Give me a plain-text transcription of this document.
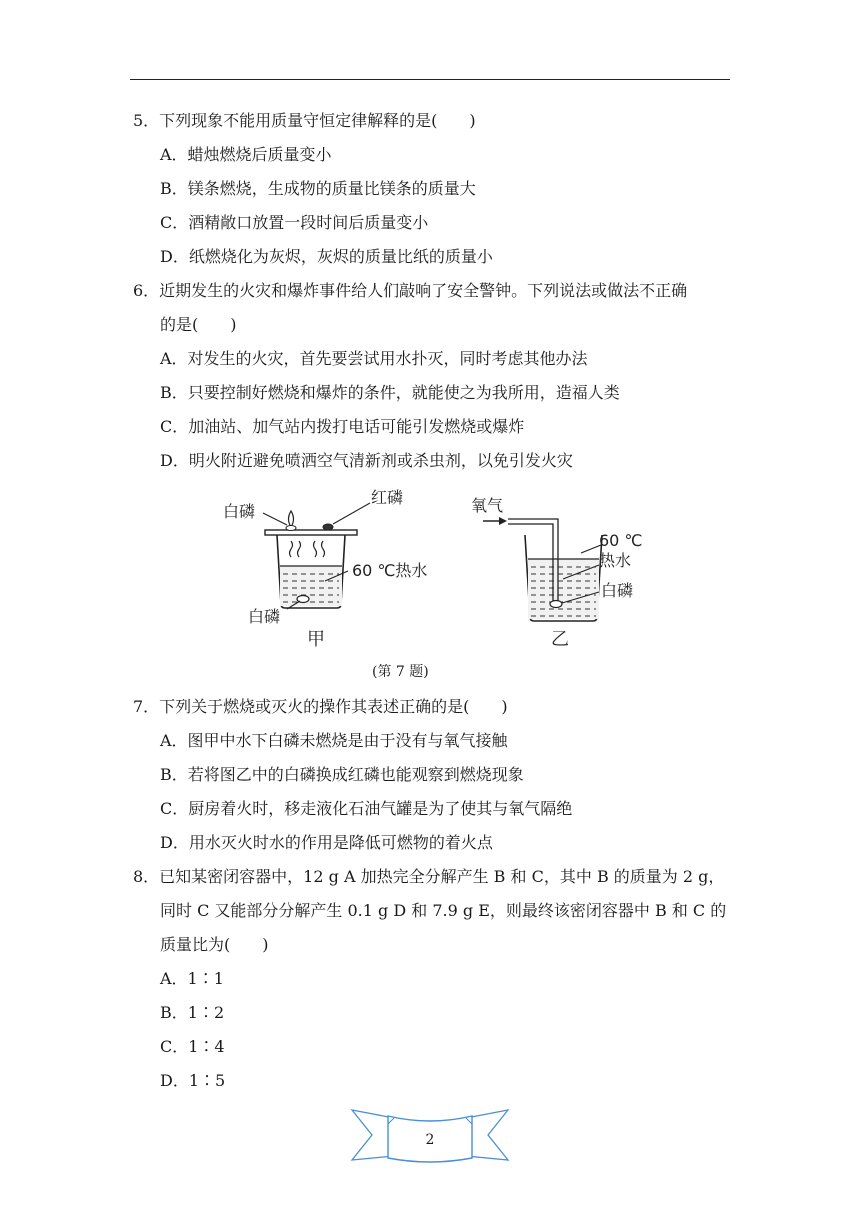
5．下列现象不能用质量守恒定律解释的是(　　)
A．蜡烛燃烧后质量变小
B．镁条燃烧，生成物的质量比镁条的质量大
C．酒精敞口放置一段时间后质量变小
D．纸燃烧化为灰烬，灰烬的质量比纸的质量小
6．近期发生的火灾和爆炸事件给人们敲响了安全警钟。下列说法或做法不正确
的是(　　)
A．对发生的火灾，首先要尝试用水扑灭，同时考虑其他办法
B．只要控制好燃烧和爆炸的条件，就能使之为我所用，造福人类
C．加油站、加气站内拨打电话可能引发燃烧或爆炸
D．明火附近避免喷洒空气清新剂或杀虫剂，以免引发火灾
白磷
红磷
60 ℃热水
白磷
甲
氧气
60 ℃
热水
白磷
乙
(第 7 题)
7．下列关于燃烧或灭火的操作其表述正确的是(　　)
A．图甲中水下白磷未燃烧是由于没有与氧气接触
B．若将图乙中的白磷换成红磷也能观察到燃烧现象
C．厨房着火时，移走液化石油气罐是为了使其与氧气隔绝
D．用水灭火时水的作用是降低可燃物的着火点
8．已知某密闭容器中，12 g A 加热完全分解产生 B 和 C，其中 B 的质量为 2 g，
同时 C 又能部分分解产生 0.1 g D 和 7.9 g E，则最终该密闭容器中 B 和 C 的
质量比为(　　)
A．1∶1
B．1∶2
C．1∶4
D．1∶5
2
